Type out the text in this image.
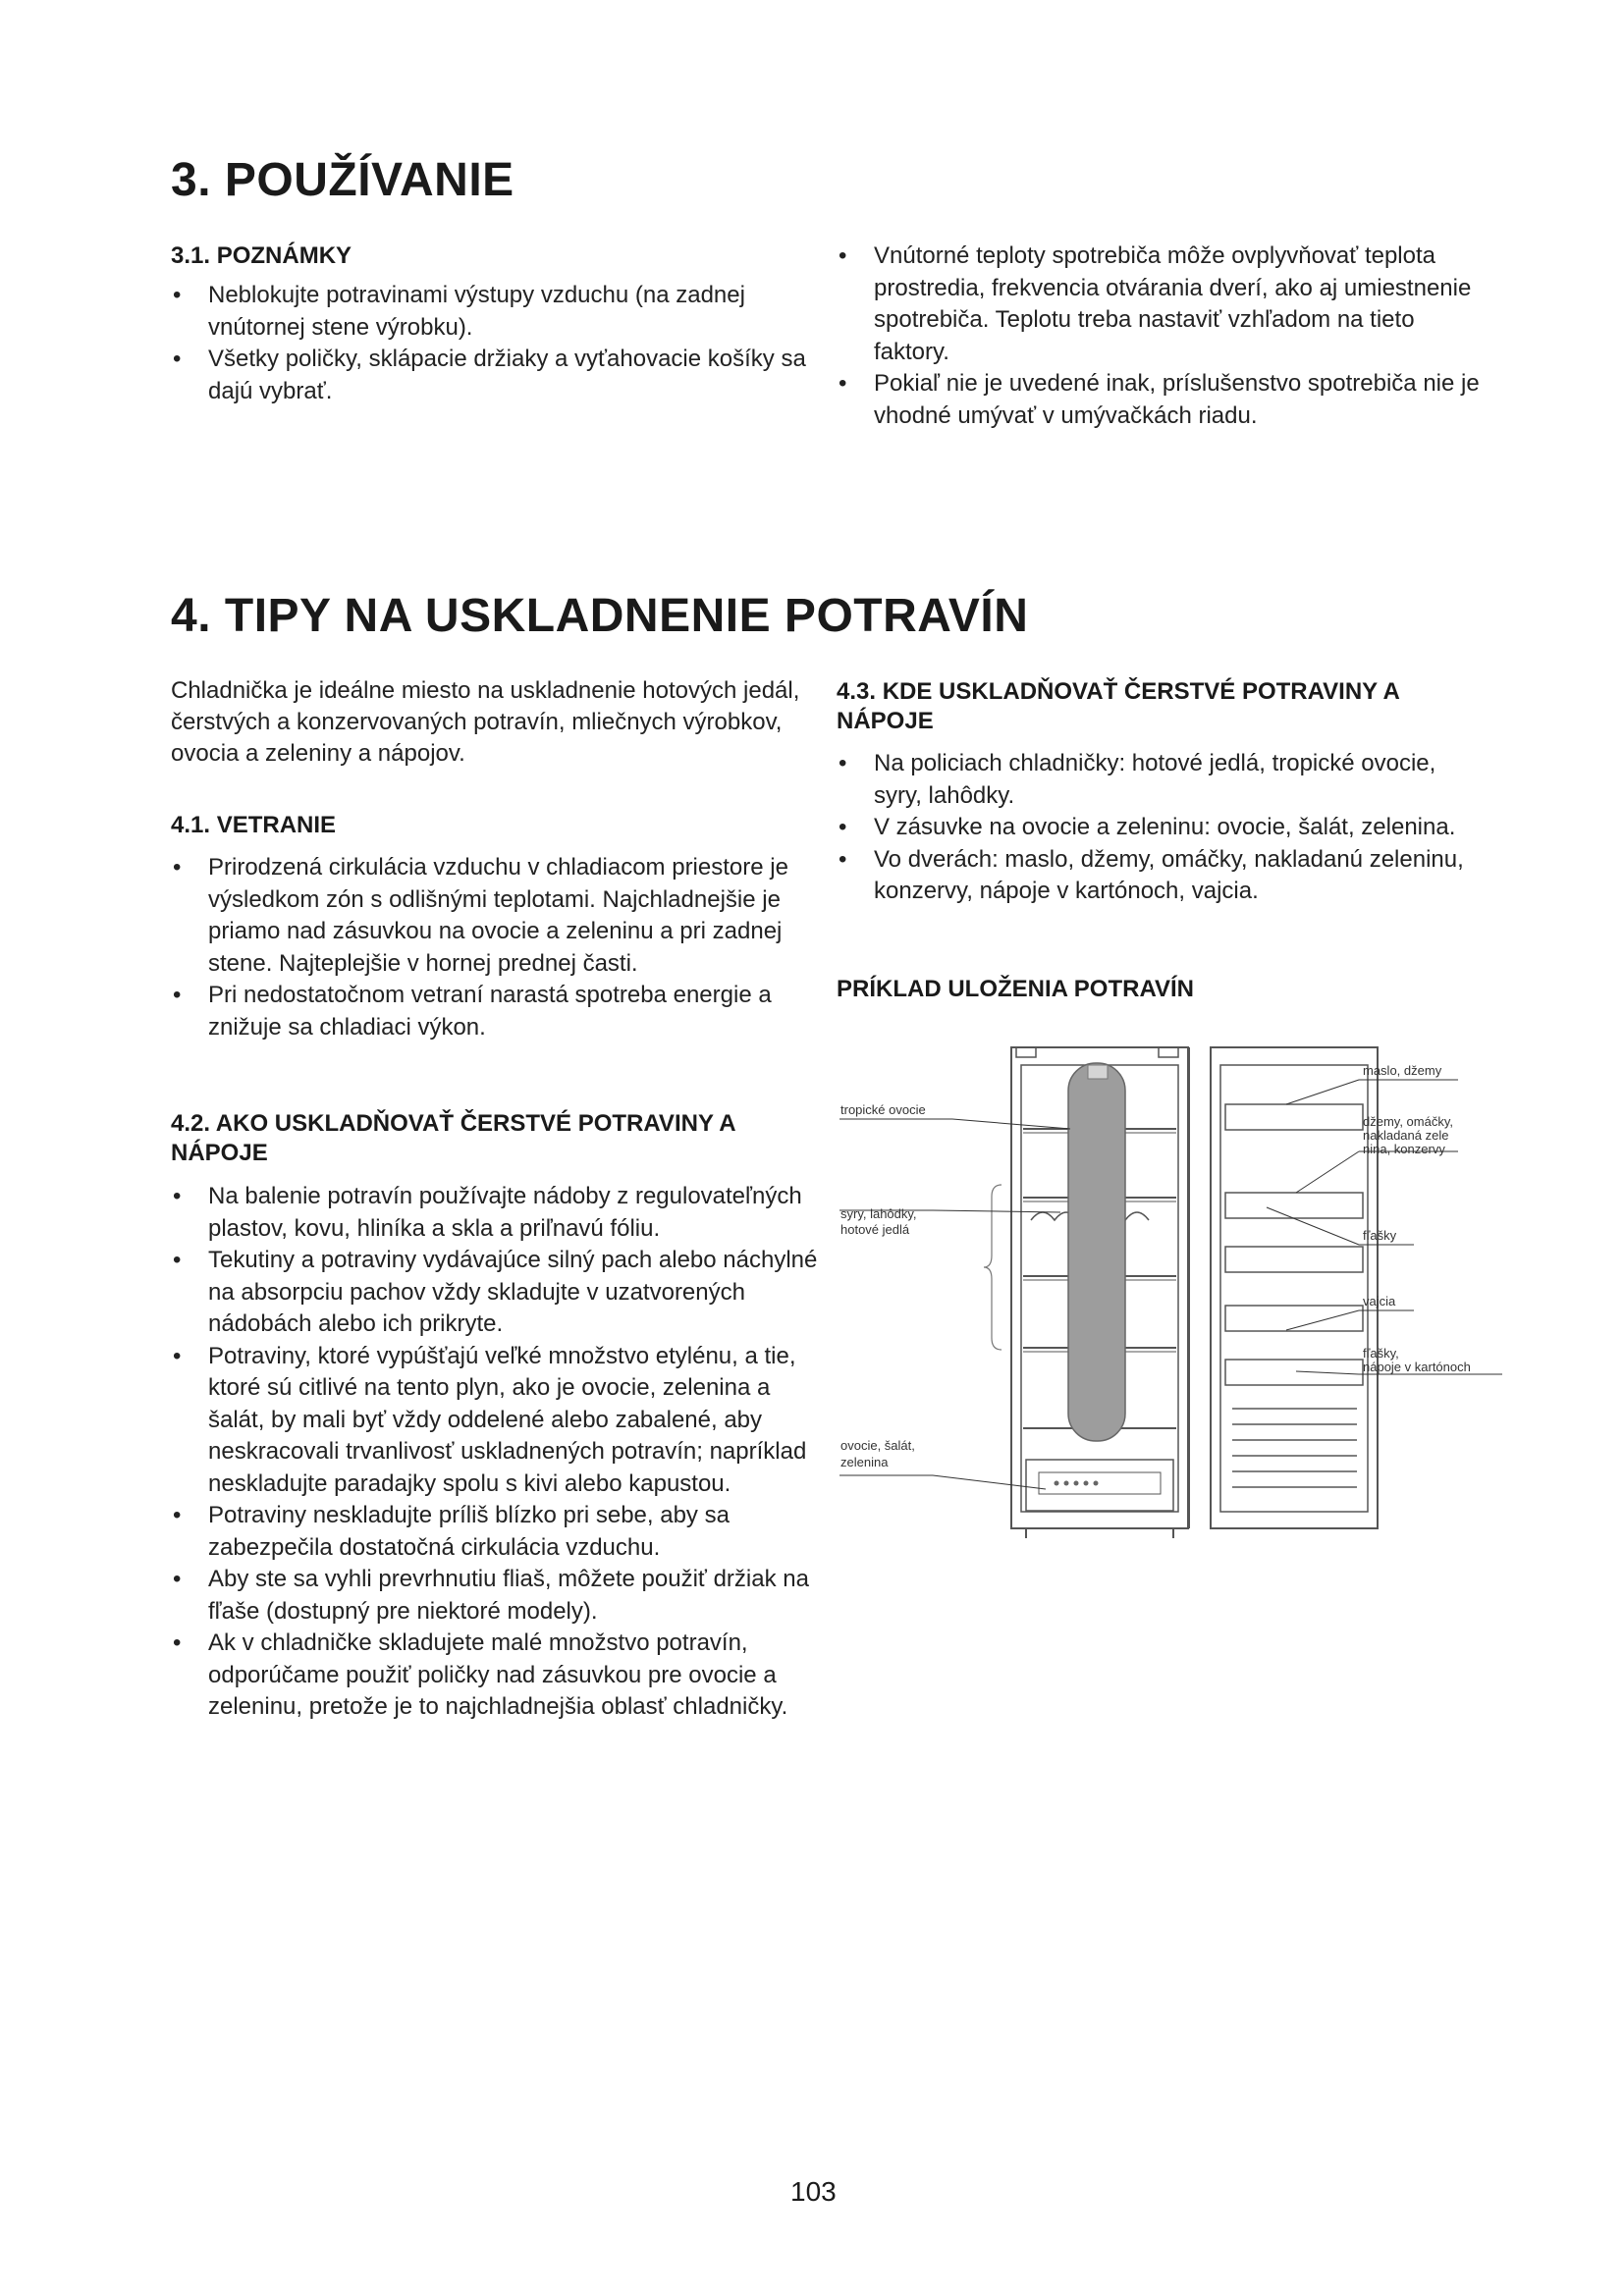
3. POUŽÍVANIE
3.1. POZNÁMKY
• Neblokujte potravinami výstupy vzduchu (na zadnej vnútornej stene výrobku).
• Všetky poličky, sklápacie držiaky a vyťahovacie košíky sa dajú vybrať.
• Vnútorné teploty spotrebiča môže ovplyvňovať teplota prostredia, frekvencia otvárania dverí, ako aj umiestnenie spotrebiča. Teplotu treba nastaviť vzhľadom na tieto faktory.
• Pokiaľ nie je uvedené inak, príslušenstvo spotrebiča nie je vhodné umývať v umývačkách riadu.
4. TIPY NA USKLADNENIE POTRAVÍN

Chladnička je ideálne miesto na uskladnenie hotových jedál, čerstvých a konzervovaných potravín, mliečnych výrobkov, ovocia a zeleniny a nápojov.

4.1. VETRANIE
• Prirodzená cirkulácia vzduchu v chladiacom priestore je výsledkom zón s odlišnými teplotami. Najchladnejšie je priamo nad zásuvkou na ovocie a zeleninu a pri zadnej stene. Najteplejšie v hornej prednej časti.
• Pri nedostatočnom vetraní narastá spotreba energie a znižuje sa chladiaci výkon.
4.2. AKO USKLADŇOVAŤ ČERSTVÉ POTRAVINY A NÁPOJE
• Na balenie potravín používajte nádoby z regulovateľných plastov, kovu, hliníka a skla a priľnavú fóliu.
• Tekutiny a potraviny vydávajúce silný pach alebo náchylné na absorpciu pachov vždy skladujte v uzatvorených nádobách alebo ich prikryte.
• Potraviny, ktoré vypúšťajú veľké množstvo etylénu, a tie, ktoré sú citlivé na tento plyn, ako je ovocie, zelenina a šalát, by mali byť vždy oddelené alebo zabalené, aby neskracovali trvanlivosť uskladnených potravín; napríklad neskladujte paradajky spolu s kivi alebo kapustou.
• Potraviny neskladujte príliš blízko pri sebe, aby sa zabezpečila dostatočná cirkulácia vzduchu.
• Aby ste sa vyhli prevrhnutiu fliaš, môžete použiť držiak na fľaše (dostupný pre niektoré modely).
• Ak v chladničke skladujete malé množstvo potravín, odporúčame použiť poličky nad zásuvkou pre ovocie a zeleninu, pretože je to najchladnejšia oblasť chladničky.
4.3. KDE USKLADŇOVAŤ ČERSTVÉ POTRAVINY A NÁPOJE
• Na policiach chladničky: hotové jedlá, tropické ovocie, syry, lahôdky.
• V zásuvke na ovocie a zeleninu: ovocie, šalát, zelenina.
• Vo dverách: maslo, džemy, omáčky, nakladanú zeleninu, konzervy, nápoje v kartónoch, vajcia.
PRÍKLAD ULOŽENIA POTRAVÍN
tropické ovocie
syry, lahôdky,
hotové jedlá
ovocie, šalát,
zelenina
maslo, džemy
džemy, omáčky,
nakladaná zele
nina, konzervy
fľašky
vajcia
fľašky,
nápoje v kartónoch
103
